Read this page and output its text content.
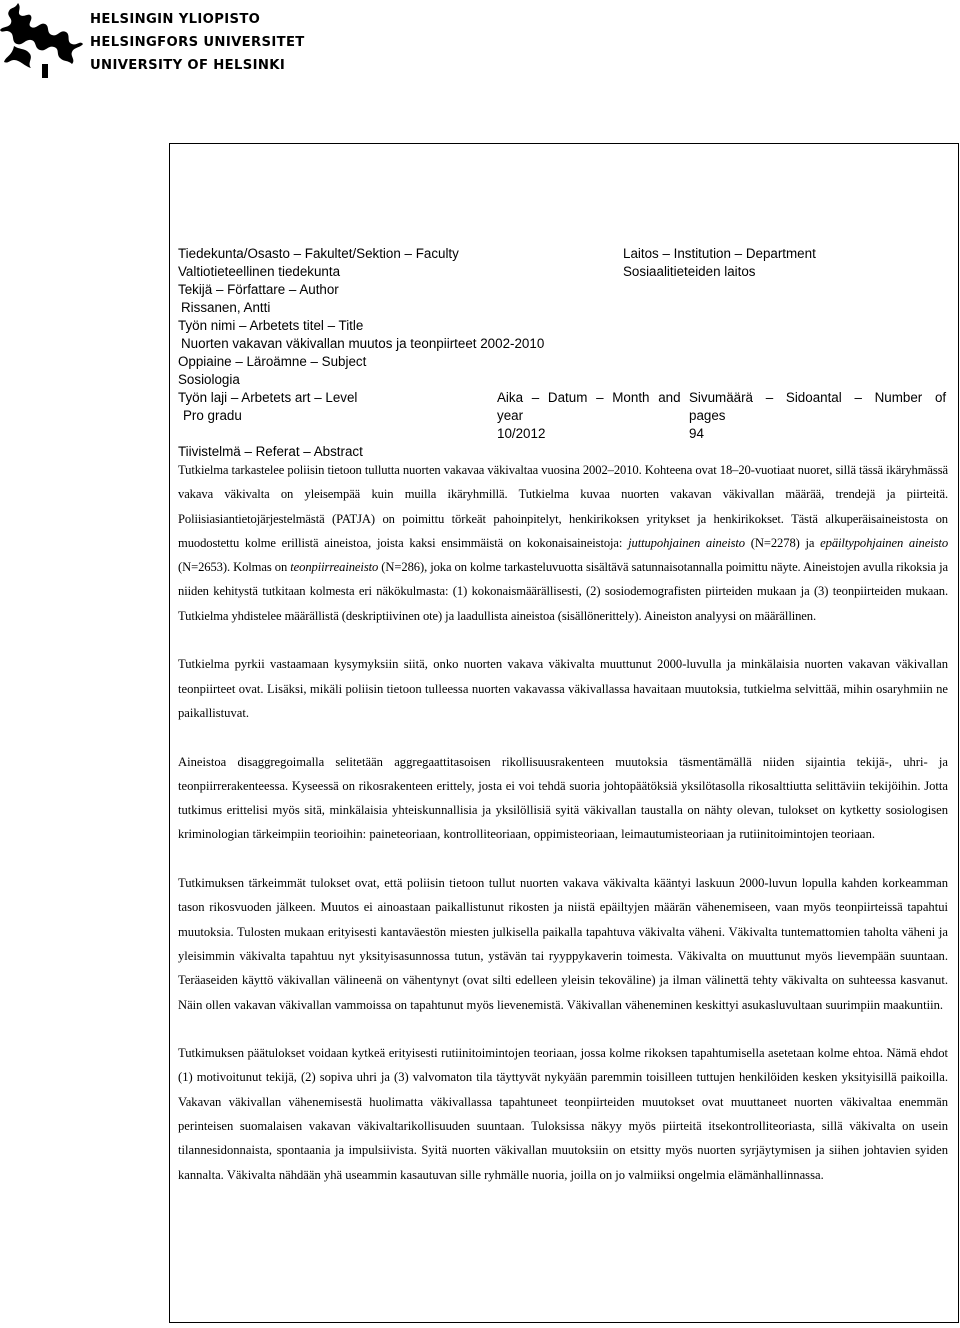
HELSINGIN YLIOPISTO
HELSINGFORS UNIVERSITET
UNIVERSITY OF HELSINKI
Tiedekunta/Osasto – Fakultet/Sektion – Faculty
Valtiotieteellinen tiedekunta
Laitos – Institution – Department
Sosiaalitieteiden laitos
Tekijä – Författare – Author
Rissanen, Antti
Työn nimi – Arbetets titel – Title
Nuorten vakavan väkivallan muutos ja teonpiirteet 2002-2010
Oppiaine – Läroämne – Subject
Sosiologia
Työn laji – Arbetets art – Level
Pro gradu
Aika – Datum – Month and
year
10/2012
Sivumäärä – Sidoantal – Number of
pages
94
Tiivistelmä – Referat – Abstract

Tutkielma tarkastelee poliisin tietoon tullutta nuorten vakavaa väkivaltaa vuosina 2002–2010. Kohteena ovat 18–20-vuotiaat nuoret, sillä tässä ikäryhmässä vakava väkivalta on yleisempää kuin muilla ikäryhmillä. Tutkielma kuvaa nuorten vakavan väkivallan määrää, trendejä ja piirteitä. Poliisiasiantietojärjestelmästä (PATJA) on poimittu törkeät pahoinpitelyt, henkirikoksen yritykset ja henkirikokset. Tästä alkuperäisaineistosta on muodostettu kolme erillistä aineistoa, joista kaksi ensimmäistä on kokonaisaineistoja: juttupohjainen aineisto (N=2278) ja epäiltypohjainen aineisto (N=2653). Kolmas on teonpiirreaineisto (N=286), joka on kolme tarkasteluvuotta sisältävä satunnaisotannalla poimittu näyte. Aineistojen avulla rikoksia ja niiden kehitystä tutkitaan kolmesta eri näkökulmasta: (1) kokonaismäärällisesti, (2) sosiodemografisten piirteiden mukaan ja (3) teonpiirteiden mukaan. Tutkielma yhdistelee määrällistä (deskriptiivinen ote) ja laadullista aineistoa (sisällönerittely). Aineiston analyysi on määrällinen.

Tutkielma pyrkii vastaamaan kysymyksiin siitä, onko nuorten vakava väkivalta muuttunut 2000-luvulla ja minkälaisia nuorten vakavan väkivallan teonpiirteet ovat. Lisäksi, mikäli poliisin tietoon tulleessa nuorten vakavassa väkivallassa havaitaan muutoksia, tutkielma selvittää, mihin osaryhmiin ne paikallistuvat.

Aineistoa disaggregoimalla selitetään aggregaattitasoisen rikollisuusrakenteen muutoksia täsmentämällä niiden sijaintia tekijä-, uhri- ja teonpiirrerakenteessa. Kyseessä on rikosrakenteen erittely, josta ei voi tehdä suoria johtopäätöksiä yksilötasolla rikosalttiutta selittäviin tekijöihin. Jotta tutkimus erittelisi myös sitä, minkälaisia yhteiskunnallisia ja yksilöllisiä syitä väkivallan taustalla on nähty olevan, tulokset on kytketty sosiologisen kriminologian tärkeimpiin teorioihin: paineteoriaan, kontrolliteoriaan, oppimisteoriaan, leimautumisteoriaan ja rutiinitoimintojen teoriaan.

Tutkimuksen tärkeimmät tulokset ovat, että poliisin tietoon tullut nuorten vakava väkivalta kääntyi laskuun 2000-luvun lopulla kahden korkeamman tason rikosvuoden jälkeen. Muutos ei ainoastaan paikallistunut rikosten ja niistä epäiltyjen määrän vähenemiseen, vaan myös teonpiirteissä tapahtui muutoksia. Tulosten mukaan erityisesti kantaväestön miesten julkisella paikalla tapahtuva väkivalta väheni. Väkivalta tuntemattomien taholta väheni ja yleisimmin väkivalta tapahtuu nyt yksityisasunnossa tutun, ystävän tai ryyppykaverin toimesta. Väkivalta on muuttunut myös lievempään suuntaan. Teräaseiden käyttö väkivallan välineenä on vähentynyt (ovat silti edelleen yleisin tekoväline) ja ilman välinettä tehty väkivalta on suhteessa kasvanut. Näin ollen vakavan väkivallan vammoissa on tapahtunut myös lievenemistä. Väkivallan väheneminen keskittyi asukasluvultaan suurimpiin maakuntiin.

Tutkimuksen päätulokset voidaan kytkeä erityisesti rutiinitoimintojen teoriaan, jossa kolme rikoksen tapahtumisella asetetaan kolme ehtoa. Nämä ehdot (1) motivoitunut tekijä, (2) sopiva uhri ja (3) valvomaton tila täyttyvät nykyään paremmin toisilleen tuttujen henkilöiden kesken yksityisillä paikoilla. Vakavan väkivallan vähenemisestä huolimatta väkivallassa tapahtuneet teonpiirteiden muutokset ovat muuttaneet nuorten väkivaltaa enemmän perinteisen suomalaisen vakavan väkivaltarikollisuuden suuntaan. Tuloksissa näkyy myös piirteitä itsekontrolliteoriasta, sillä väkivalta on usein tilannesidonnaista, spontaania ja impulsiivista. Syitä nuorten väkivallan muutoksiin on etsitty myös nuorten syrjäytymisen ja siihen johtavien syiden kannalta. Väkivalta nähdään yhä useammin kasautuvan sille ryhmälle nuoria, joilla on jo valmiiksi ongelmia elämänhallinnassa.
